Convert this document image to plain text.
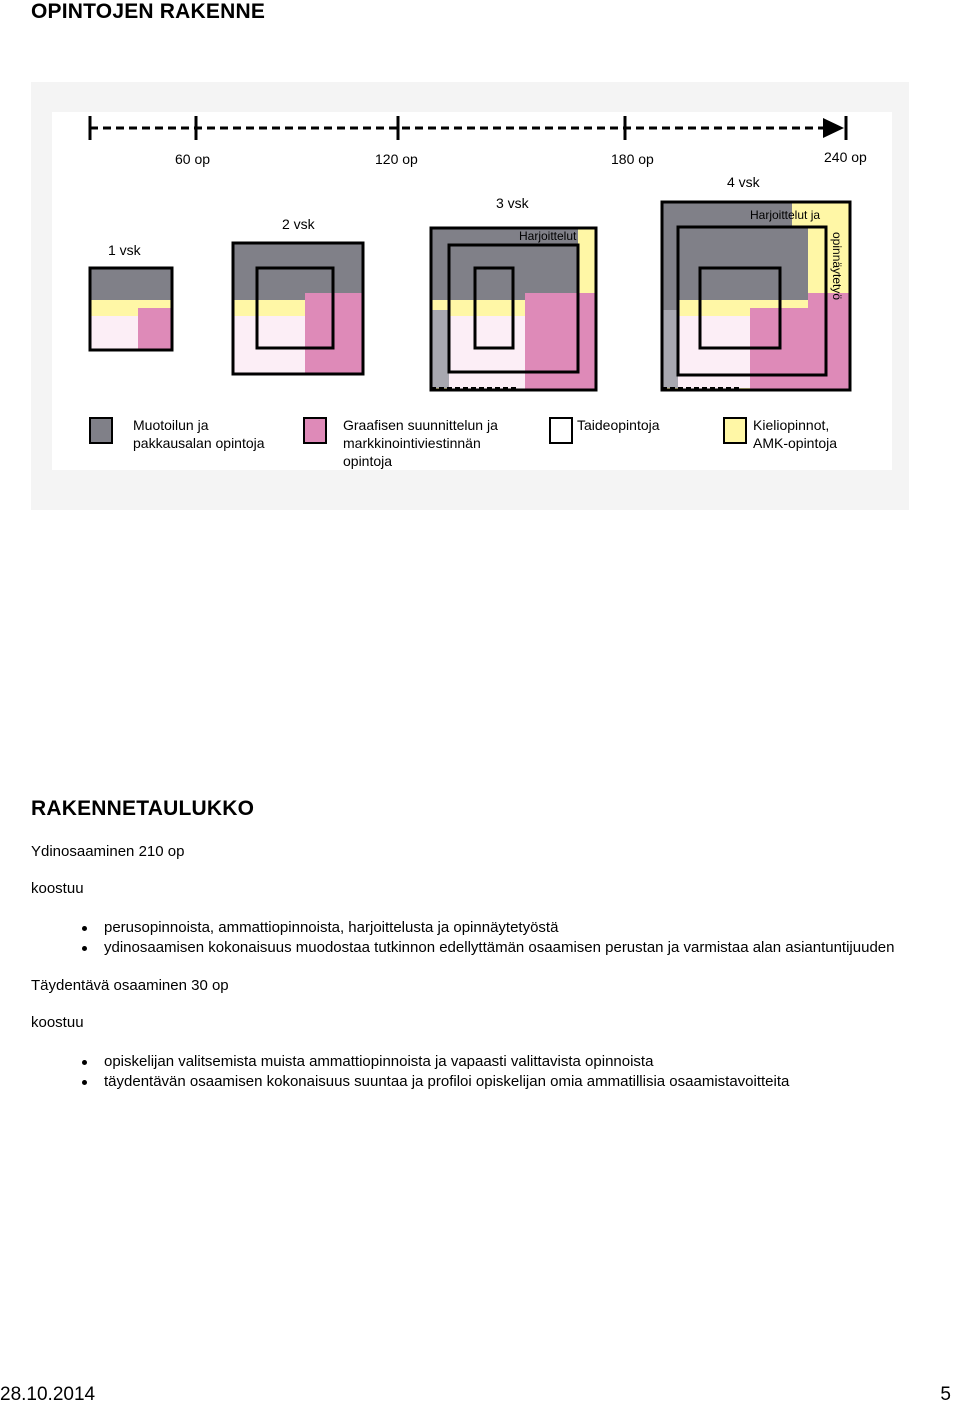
OPINTOJEN RAKENNE
60 op	120 op	180 op	240 op
1 vsk
2 vsk
3 vsk
4 vsk
Harjoittelut
Harjoittelut ja
opinnäytetyö
Muotoilun ja
pakkausalan opintoja
Graafisen suunnittelun ja
markkinointiviestinnän
opintoja
Taideopintoja	Kieliopinnot,
AMK-opintoja
RAKENNETAULUKKO
Ydinosaaminen 210 op
koostuu
perusopinnoista, ammattiopinnoista, harjoittelusta ja opinnäytetyöstä
ydinosaamisen kokonaisuus muodostaa tutkinnon edellyttämän osaamisen perustan ja varmistaa alan asiantuntijuuden
Täydentävä osaaminen 30 op
koostuu
opiskelijan valitsemista muista ammattiopinnoista ja vapaasti valittavista opinnoista
täydentävän osaamisen kokonaisuus suuntaa ja profiloi opiskelijan omia ammatillisia osaamistavoitteita
28.10.2014	5
